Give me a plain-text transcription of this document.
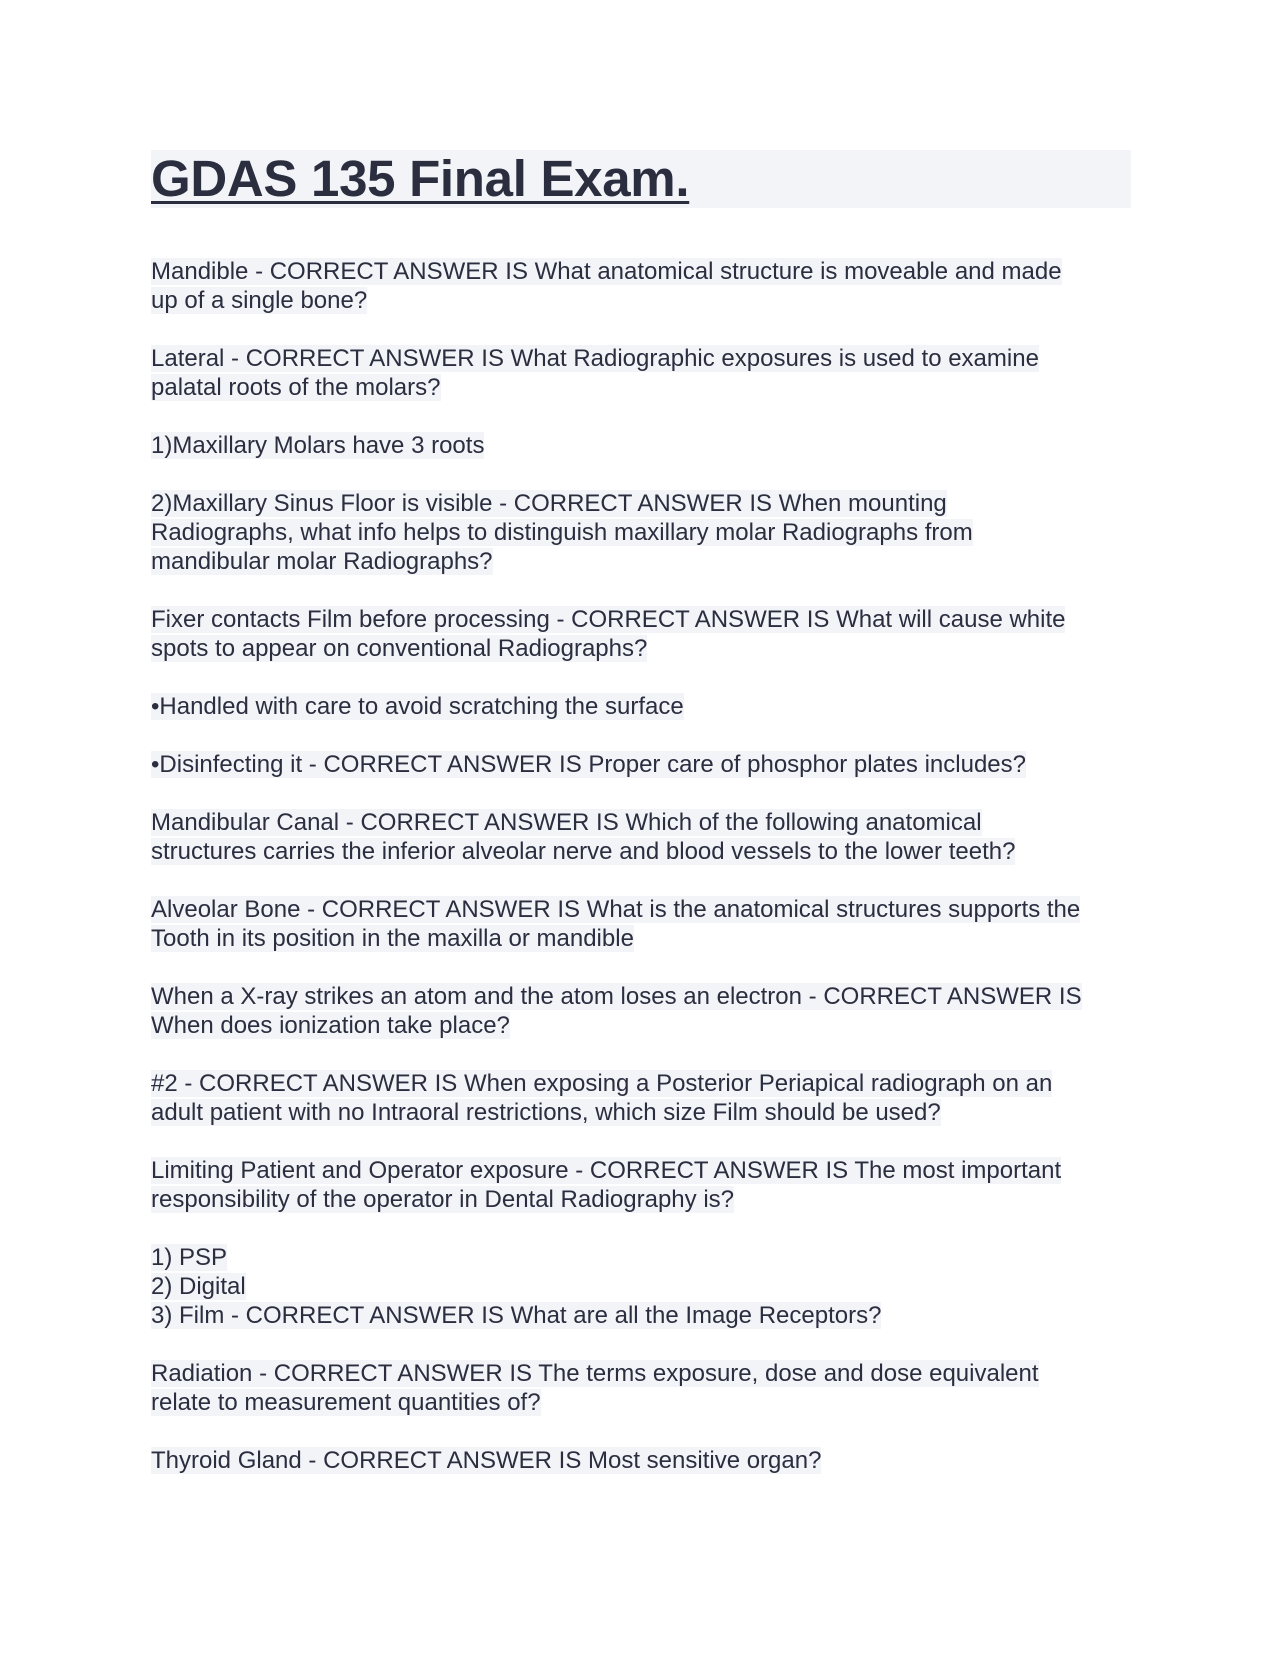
GDAS 135 Final Exam.

Mandible - CORRECT ANSWER IS What anatomical structure is moveable and made
up of a single bone?

Lateral - CORRECT ANSWER IS What Radiographic exposures is used to examine
palatal roots of the molars?

1)Maxillary Molars have 3 roots

2)Maxillary Sinus Floor is visible - CORRECT ANSWER IS When mounting
Radiographs, what info helps to distinguish maxillary molar Radiographs from
mandibular molar Radiographs?

Fixer contacts Film before processing - CORRECT ANSWER IS What will cause white
spots to appear on conventional Radiographs?

•Handled with care to avoid scratching the surface

•Disinfecting it - CORRECT ANSWER IS Proper care of phosphor plates includes?

Mandibular Canal - CORRECT ANSWER IS Which of the following anatomical
structures carries the inferior alveolar nerve and blood vessels to the lower teeth?

Alveolar Bone - CORRECT ANSWER IS What is the anatomical structures supports the
Tooth in its position in the maxilla or mandible

When a X-ray strikes an atom and the atom loses an electron - CORRECT ANSWER IS
When does ionization take place?

#2 - CORRECT ANSWER IS When exposing a Posterior Periapical radiograph on an
adult patient with no Intraoral restrictions, which size Film should be used?

Limiting Patient and Operator exposure - CORRECT ANSWER IS The most important
responsibility of the operator in Dental Radiography is?

1) PSP
2) Digital
3) Film - CORRECT ANSWER IS What are all the Image Receptors?

Radiation - CORRECT ANSWER IS The terms exposure, dose and dose equivalent
relate to measurement quantities of?

Thyroid Gland - CORRECT ANSWER IS Most sensitive organ?
